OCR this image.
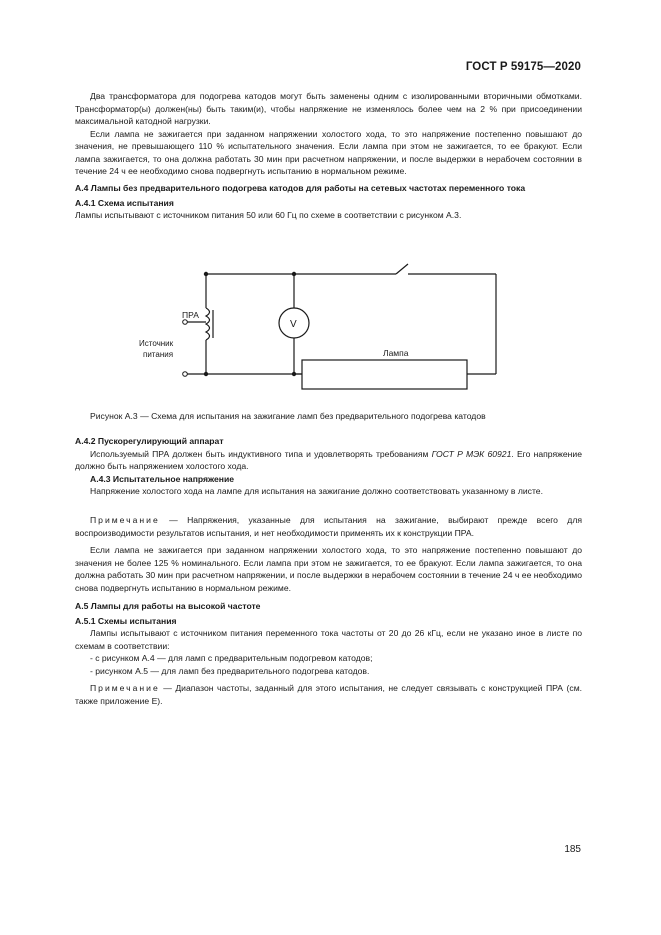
ГОСТ Р 59175—2020

Два трансформатора для подогрева катодов могут быть заменены одним с изолированными вторичными обмотками. Трансформатор(ы) должен(ны) быть таким(и), чтобы напряжение не изменялось более чем на 2 % при присоединении максимальной катодной нагрузки.

Если лампа не зажигается при заданном напряжении холостого хода, то это напряжение постепенно повышают до значения, не превышающего 110 % испытательного значения. Если лампа при этом не зажигается, то ее бракуют. Если лампа зажигается, то она должна работать 30 мин при расчетном напряжении, и после выдержки в нерабочем состоянии в течение 24 ч ее необходимо снова подвергнуть испытанию в нормальном режиме.

А.4 Лампы без предварительного подогрева катодов для работы на сетевых частотах переменного тока

А.4.1 Схема испытания

Лампы испытывают с источником питания 50 или 60 Гц по схеме в соответствии с рисунком А.3.

ПРА
Источник
питания
V
Лампа
Рисунок А.3 — Схема для испытания на зажигание ламп без предварительного подогрева катодов

А.4.2 Пускорегулирующий аппарат

Используемый ПРА должен быть индуктивного типа и удовлетворять требованиям ГОСТ Р МЭК 60921. Его напряжение должно быть напряжением холостого хода.

А.4.3 Испытательное напряжение

Напряжение холостого хода на лампе для испытания на зажигание должно соответствовать указанному в листе.

Примечание — Напряжения, указанные для испытания на зажигание, выбирают прежде всего для воспроизводимости результатов испытания, и нет необходимости применять их к конструкции ПРА.

Если лампа не зажигается при заданном напряжении холостого хода, то это напряжение постепенно повышают до значения не более 125 % номинального. Если лампа при этом не зажигается, то ее бракуют. Если лампа зажигается, то она должна работать 30 мин при расчетном напряжении, и после выдержки в нерабочем состоянии в течение 24 ч ее необходимо снова подвергнуть испытанию в нормальном режиме.

А.5 Лампы для работы на высокой частоте

А.5.1 Схемы испытания

Лампы испытывают с источником питания переменного тока частоты от 20 до 26 кГц, если не указано иное в листе по схемам в соответствии:

- с рисунком А.4 — для ламп с предварительным подогревом катодов;

- рисунком А.5 — для ламп без предварительного подогрева катодов.

Примечание — Диапазон частоты, заданный для этого испытания, не следует связывать с конструкцией ПРА (см. также приложение Е).

185
